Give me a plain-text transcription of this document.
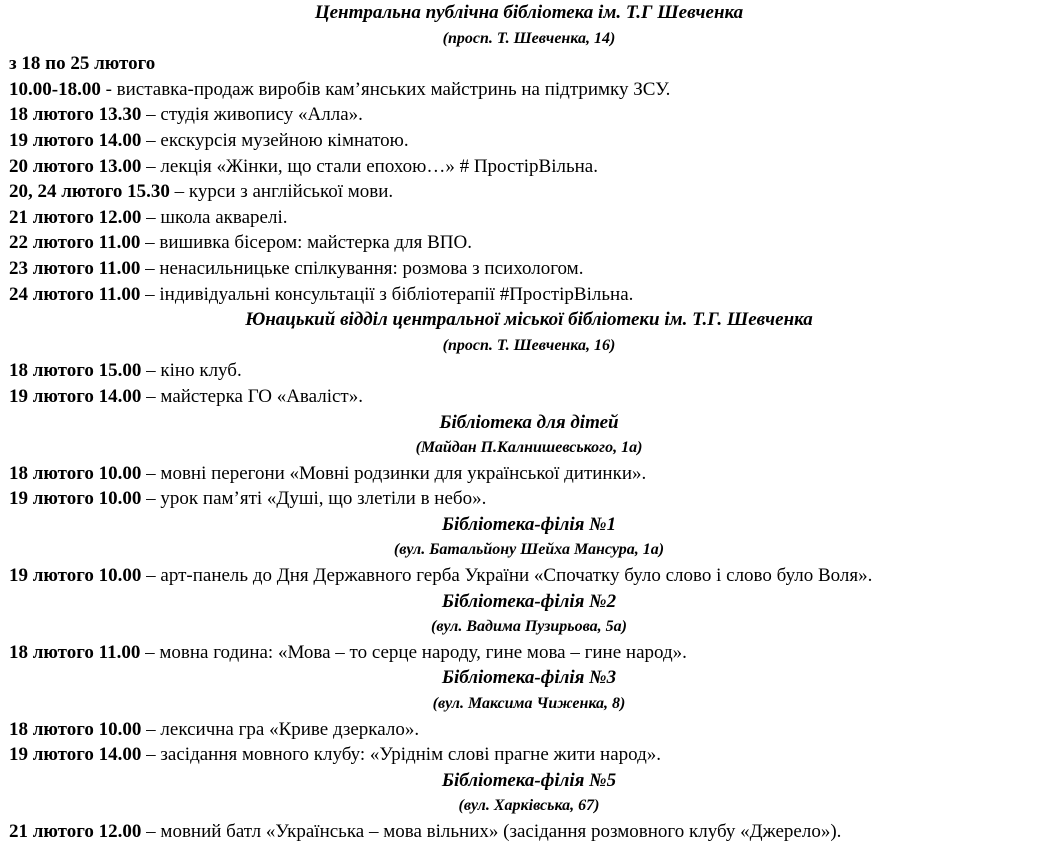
Центральна публічна бібліотека ім. Т.Г Шевченка
(просп. Т. Шевченка, 14)
з 18 по 25 лютого
10.00-18.00 - виставка-продаж виробів кам’янських майстринь на підтримку ЗСУ.
18 лютого 13.30 – студія живопису «Алла».
19 лютого 14.00 – екскурсія музейною кімнатою.
20 лютого 13.00 – лекція «Жінки, що стали епохою…» # ПростірВільна.
20, 24 лютого 15.30 – курси з англійської мови.
21 лютого 12.00 – школа акварелі.
22 лютого 11.00 – вишивка бісером: майстерка для ВПО.
23 лютого 11.00 – ненасильницьке спілкування: розмова з психологом.
24 лютого 11.00 – індивідуальні консультації з бібліотерапії #ПростірВільна.
Юнацький відділ центральної міської бібліотеки ім. Т.Г. Шевченка
(просп. Т. Шевченка, 16)
18 лютого 15.00 – кіно клуб.
19 лютого 14.00 – майстерка ГО «Аваліст».
Бібліотека для дітей
(Майдан П.Калнишевського, 1а)
18 лютого 10.00 – мовні перегони «Мовні родзинки для української дитинки».
19 лютого 10.00 – урок пам’яті «Душі, що злетіли в небо».
Бібліотека-філія №1
(вул. Батальйону Шейха Мансура, 1а)
19 лютого 10.00 – арт-панель до Дня Державного герба України «Спочатку було слово і слово було Воля».
Бібліотека-філія №2
(вул. Вадима Пузирьова, 5а)
18 лютого 11.00 – мовна година: «Мова – то серце народу, гине мова – гине народ».
Бібліотека-філія №3
(вул. Максима Чиженка, 8)
18 лютого 10.00 – лексична гра «Криве дзеркало».
19 лютого 14.00 – засідання мовного клубу: «Уріднім слові прагне жити народ».
Бібліотека-філія №5
(вул. Харківська, 67)
21 лютого 12.00 – мовний батл «Українська – мова вільних» (засідання розмовного клубу «Джерело»).
